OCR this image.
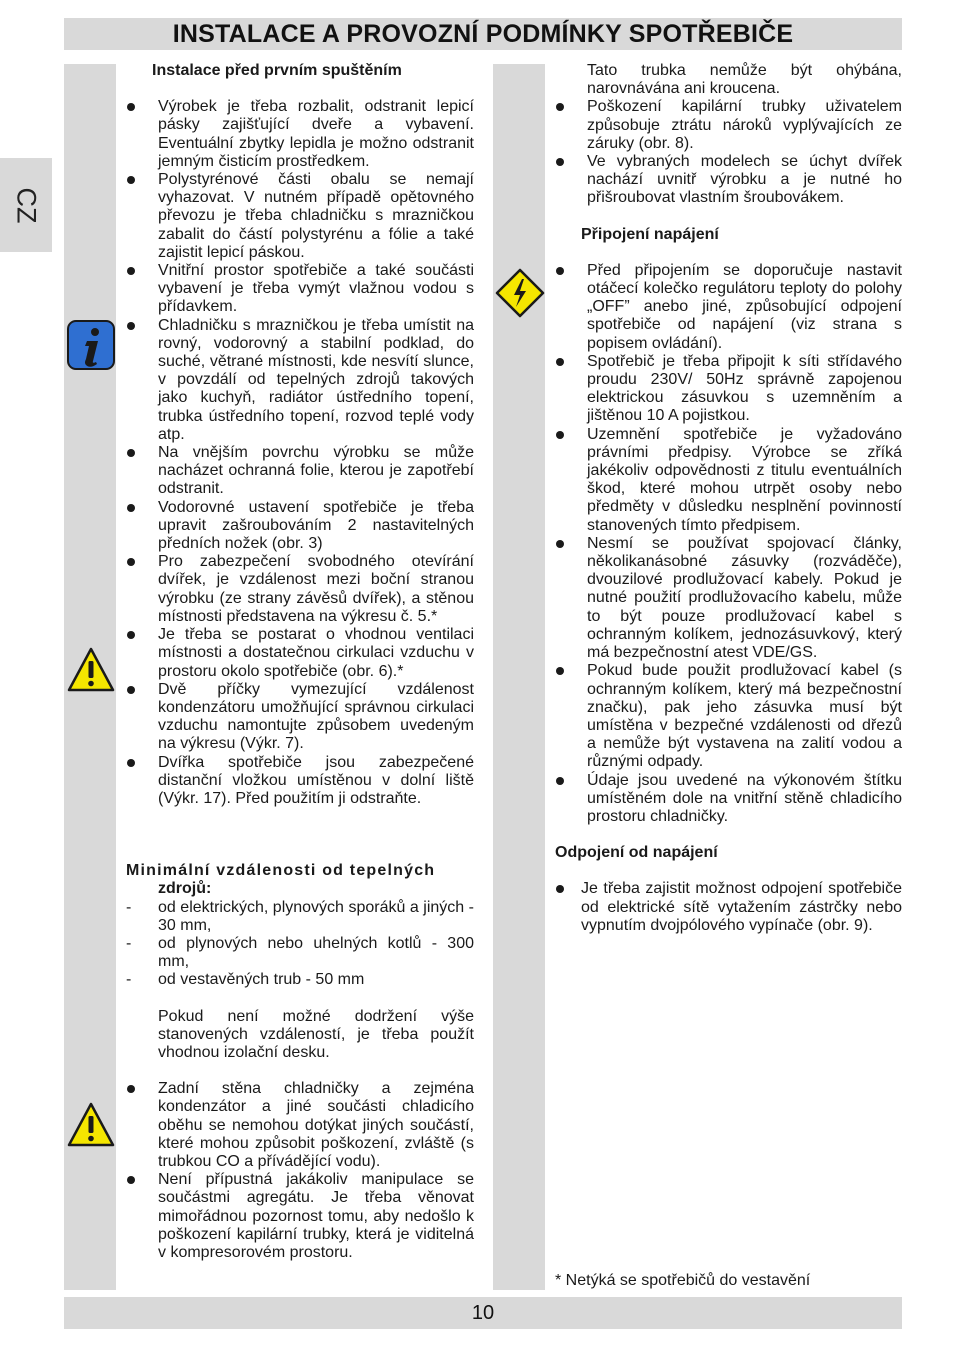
INSTALACE A PROVOZNÍ PODMÍNKY SPOTŘEBIČE
CZ

Instalace před prvním spuštěním

Výrobek je třeba rozbalit, odstranit lepicí pásky zajišťující dveře a vybavení. Eventuální zbytky lepidla je možno odstranit jemným čisticím prostředkem.
Polystyrénové části obalu se nemají vyhazovat. V nutném případě opětovného převozu je třeba chladničku s mrazničkou zabalit do částí polystyrénu a fólie a také zajistit lepicí páskou.
Vnitřní prostor spotřebiče a také součásti vybavení je třeba vymýt vlažnou vodou s přídavkem.
Chladničku s mrazničkou je třeba umístit na rovný, vodorovný a stabilní podklad, do suché, větrané místnosti, kde nesvítí slunce, v povzdálí od tepelných zdrojů takových jako kuchyň, radiátor ústředního topení, trubka ústředního topení, rozvod teplé vody atp.
Na vnějším povrchu výrobku se může nacházet ochranná folie, kterou je zapotřebí odstranit.
Vodorovné ustavení spotřebiče je třeba upravit zašroubováním 2 nastavitelných předních nožek (obr. 3)
Pro zabezpečení svobodného otevírání dvířek, je vzdálenost mezi boční stranou výrobku (ze strany závěsů dvířek), a stěnou místnosti představena na výkresu č. 5.*
Je třeba se postarat o vhodnou ventilaci místnosti a dostatečnou cirkulaci vzduchu v prostoru okolo spotřebiče (obr. 6).*
Dvě příčky vymezující vzdálenost kondenzátoru umožňující správnou cirkulaci vzduchu namontujte způsobem uvedeným na výkresu (Výkr. 7).
Dvířka spotřebiče jsou zabezpečené distanční vložkou umístěnou v dolní liště (Výkr. 17). Před použitím ji odstraňte.

Minimální vzdálenosti od tepelných

zdrojů:

-	od elektrických, plynových sporáků a jiných - 30 mm,
-	od plynových nebo uhelných kotlů - 300 mm,
-	od vestavěných trub - 50 mm

Pokud není možné dodržení výše stanovených vzdáleností, je třeba použít vhodnou izolační desku.

Zadní stěna chladničky a zejména kondenzátor a jiné součásti chladicího oběhu se nemohou dotýkat jiných součástí, které mohou způsobit poškození, zvláště (s trubkou CO a přívádějící vodu).
Není přípustná jakákoliv manipulace se součástmi agregátu. Je třeba věnovat mimořádnou pozornost tomu, aby nedošlo k poškození kapilární trubky, která je viditelná v kompresorovém prostoru.

Tato trubka nemůže být ohýbána, narovnávána ani kroucena.

Poškození kapilární trubky uživatelem způsobuje ztrátu nároků vyplývajících ze záruky (obr. 8).
Ve vybraných modelech se úchyt dvířek nachází uvnitř výrobku a je nutné ho přišroubovat vlastním šroubovákem.

Připojení napájení

Před připojením se doporučuje nastavit otáčecí kolečko regulátoru teploty do polohy „OFF” anebo jiné, způsobující odpojení spotřebiče od napájení (viz strana s popisem ovládání).
Spotřebič je třeba připojit k síti střídavého proudu 230V/ 50Hz správně zapojenou elektrickou zásuvkou s uzemněním a jištěnou 10 A pojistkou.
Uzemnění spotřebiče je vyžadováno právními předpisy. Výrobce se zříká jakékoliv odpovědnosti z titulu eventuálních škod, které mohou utrpět osoby nebo předměty v důsledku nesplnění povinností stanovených tímto předpisem.
Nesmí se používat spojovací články, několikanásobné zásuvky (rozváděče), dvouzilové prodlužovací kabely. Pokud je nutné použití prodlužovacího kabelu, může to být pouze prodlužovací kabel s ochranným kolíkem, jednozásuvkový, který má bezpečnostní atest VDE/GS.
Pokud bude použit prodlužovací kabel (s ochranným kolíkem, který má bezpečnostní značku), pak jeho zásuvka musí být umístěna v bezpečné vzdálenosti od dřezů a nemůže být vystavena na zalití vodou a různými odpady.
Údaje jsou uvedené na výkonovém štítku umístěném dole na vnitřní stěně chladicího prostoru chladničky.

Odpojení od napájení

Je třeba zajistit možnost odpojení spotřebiče od elektrické sítě vytažením zástrčky nebo vypnutím dvojpólového vypínače (obr. 9).

* Netýká se spotřebičů do vestavění

10
